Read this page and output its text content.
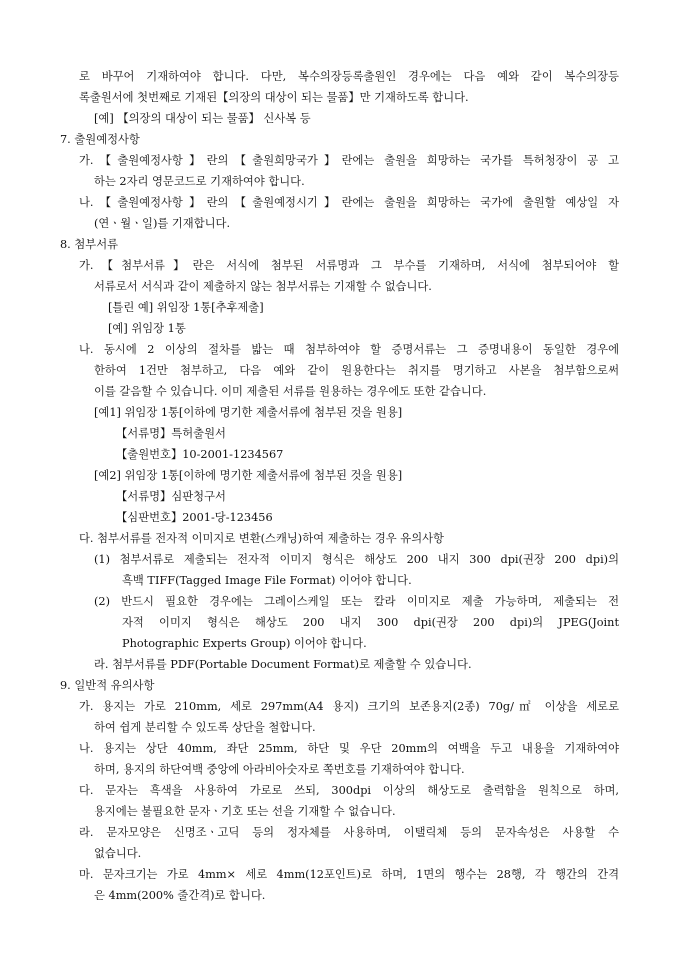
로 바꾸어 기재하여야 합니다. 다만, 복수의장등록출원인 경우에는 다음 예와 같이 복수의장등
록출원서에 첫번째로 기재된【의장의 대상이 되는 물품】만 기재하도록 합니다.
[예] 【의장의 대상이 되는 물품】 신사복 등
7. 출원예정사항
가.【출원예정사항】란의【출원희망국가】란에는 출원을 희망하는 국가를 특허청장이 공 고
하는 2자리 영문코드로 기재하여야 합니다.
나.【출원예정사항】란의【출원예정시기】란에는 출원을 희망하는 국가에 출원할 예상일 자
(연ㆍ월ㆍ일)를 기재합니다.
8. 첨부서류
가.【첨부서류】란은 서식에 첨부된 서류명과 그 부수를 기재하며, 서식에 첨부되어야 할
서류로서 서식과 같이 제출하지 않는 첨부서류는 기재할 수 없습니다.
[틀린 예] 위임장 1통[추후제출]
[예] 위임장 1통
나. 동시에 2 이상의 절차를 밟는 때 첨부하여야 할 증명서류는 그 증명내용이 동일한 경우에
한하여 1건만 첨부하고, 다음 예와 같이 원용한다는 취지를 명기하고 사본을 첨부함으로써
이를 갈음할 수 있습니다. 이미 제출된 서류를 원용하는 경우에도 또한 같습니다.
[예1] 위임장 1통[이하에 명기한 제출서류에 첨부된 것을 원용]
【서류명】특허출원서
【출원번호】10-2001-1234567
[예2] 위임장 1통[이하에 명기한 제출서류에 첨부된 것을 원용]
【서류명】심판청구서
【심판번호】2001-당-123456
다. 첨부서류를 전자적 이미지로 변환(스캐닝)하여 제출하는 경우 유의사항
(1) 첨부서류로 제출되는 전자적 이미지 형식은 해상도 200 내지 300 dpi(권장 200 dpi)의
흑백 TIFF(Tagged Image File Format) 이어야 합니다.
(2) 반드시 필요한 경우에는 그레이스케일 또는 칼라 이미지로 제출 가능하며, 제출되는 전
자적 이미지 형식은 해상도 200 내지 300 dpi(권장 200 dpi)의 JPEG(Joint
Photographic Experts Group) 이어야 합니다.
라. 첨부서류를 PDF(Portable Document Format)로 제출할 수 있습니다.
9. 일반적 유의사항
가. 용지는 가로 210mm, 세로 297mm(A4 용지) 크기의 보존용지(2종) 70g/㎡ 이상을 세로로
하여 쉽게 분리할 수 있도록 상단을 철합니다.
나. 용지는 상단 40mm, 좌단 25mm, 하단 및 우단 20mm의 여백을 두고 내용을 기재하여야
하며, 용지의 하단여백 중앙에 아라비아숫자로 쪽번호를 기재하여야 합니다.
다. 문자는 흑색을 사용하여 가로로 쓰되, 300dpi 이상의 해상도로 출력함을 원칙으로 하며,
용지에는 불필요한 문자ㆍ기호 또는 선을 기재할 수 없습니다.
라. 문자모양은 신명조ㆍ고딕 등의 정자체를 사용하며, 이탤릭체 등의 문자속성은 사용할 수
없습니다.
마. 문자크기는 가로 4mm× 세로 4mm(12포인트)로 하며, 1면의 행수는 28행, 각 행간의 간격
은 4mm(200% 줄간격)로 합니다.
